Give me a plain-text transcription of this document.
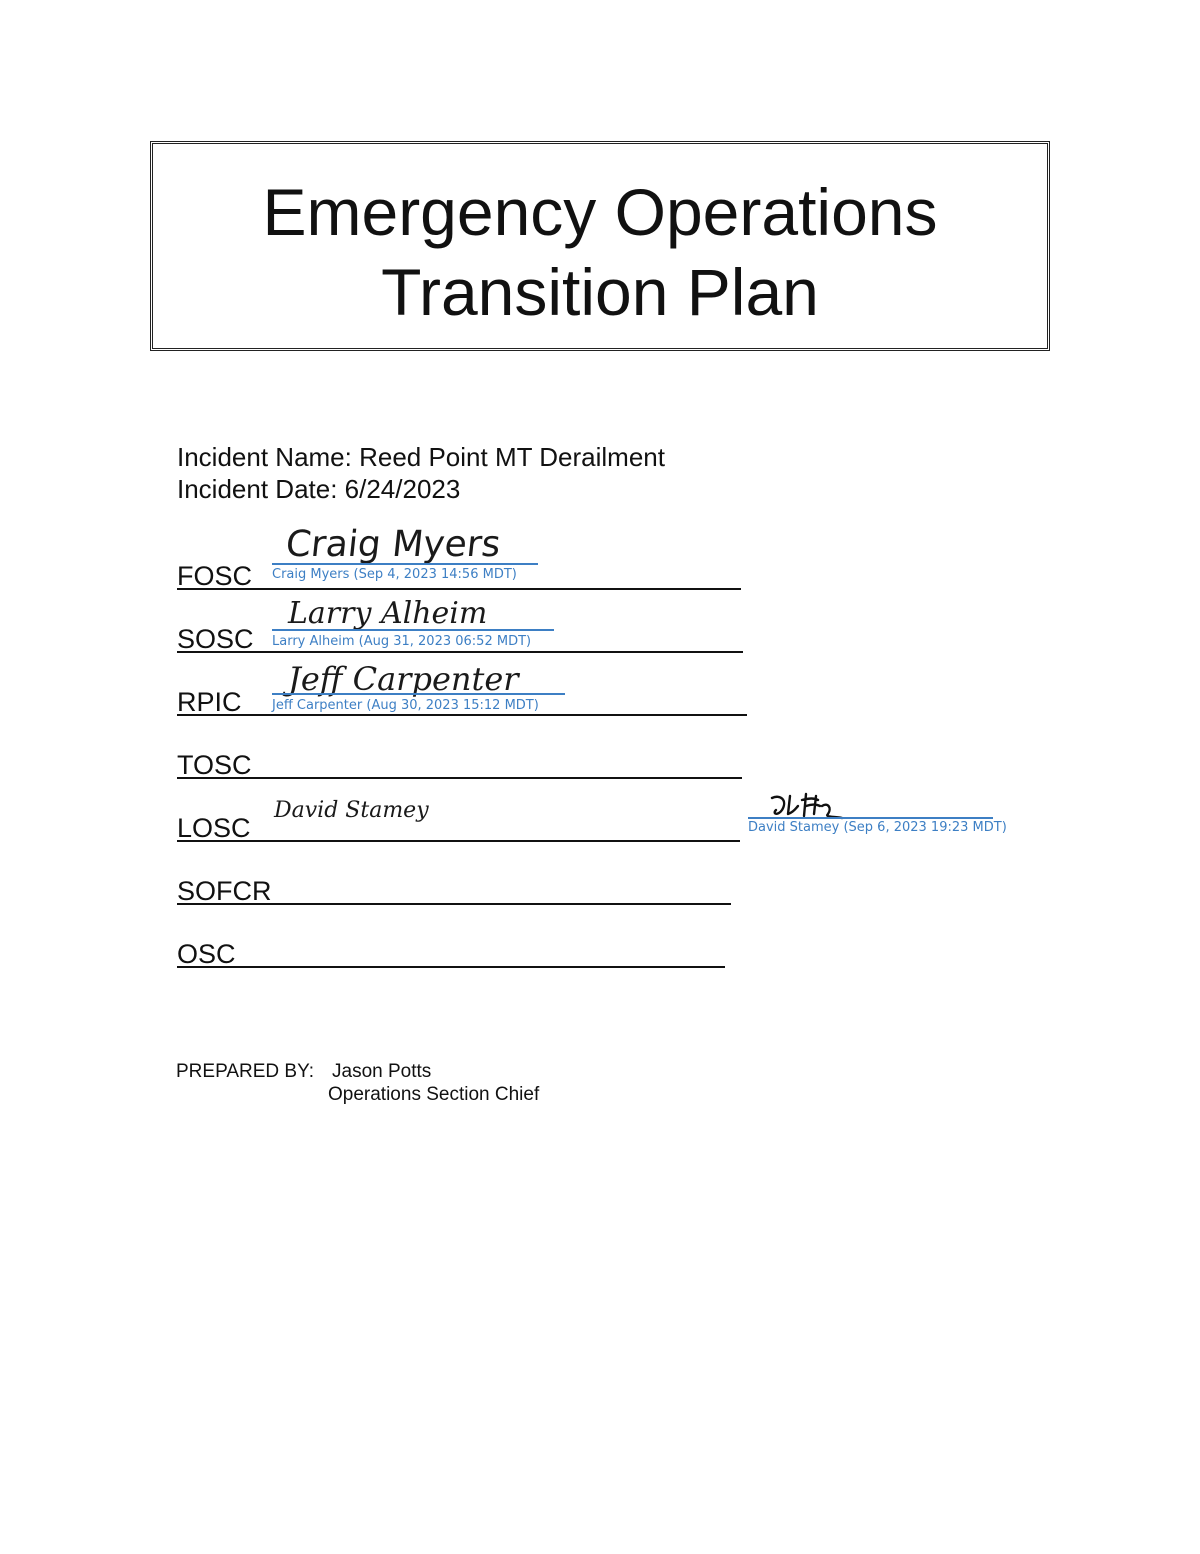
Emergency Operations
Transition Plan
Incident Name: Reed Point MT Derailment
Incident Date: 6/24/2023
Craig Myers
Craig Myers (Sep 4, 2023 14:56 MDT)
FOSC
Larry Alheim
Larry Alheim (Aug 31, 2023 06:52 MDT)
SOSC
Jeff Carpenter
Jeff Carpenter (Aug 30, 2023 15:12 MDT)
RPIC
TOSC
David Stamey
LOSC	David Stamey (Sep 6, 2023 19:23 MDT)
SOFCR
OSC
PREPARED BY: Jason Potts
Operations Section Chief
